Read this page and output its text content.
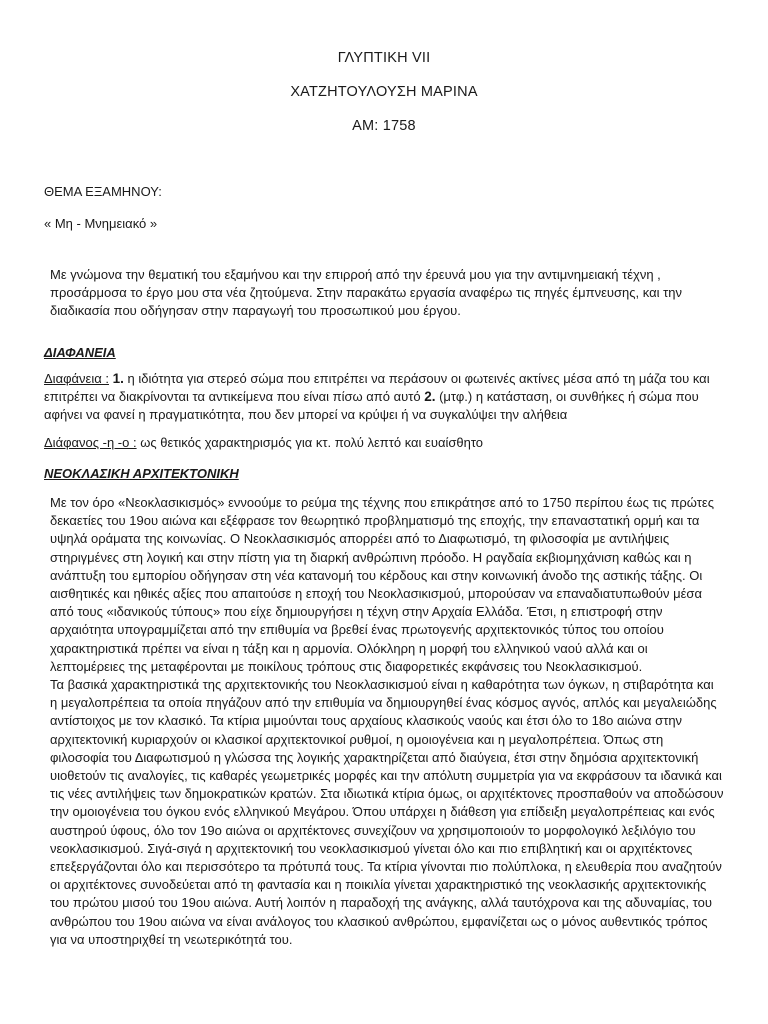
ΓΛΥΠΤΙΚΗ VII
ΧΑΤΖΗΤΟΥΛΟΥΣΗ ΜΑΡΙΝΑ
ΑΜ: 1758
ΘΕΜΑ ΕΞΑΜΗΝΟΥ:
« Μη - Μνημειακό »
Με γνώμονα την θεματική του εξαμήνου και την επιρροή από την έρευνά μου για την αντιμνημειακή τέχνη , προσάρμοσα το έργο μου στα νέα ζητούμενα. Στην παρακάτω εργασία αναφέρω τις πηγές έμπνευσης, και την διαδικασία που οδήγησαν στην παραγωγή του προσωπικού μου έργου.
ΔΙΑΦΑΝΕΙΑ
Διαφάνεια : 1. η ιδιότητα για στερεό σώμα που επιτρέπει να περάσουν οι φωτεινές ακτίνες μέσα από τη μάζα του και επιτρέπει να διακρίνονται τα αντικείμενα που είναι πίσω από αυτό 2. (μτφ.) η κατάσταση, οι συνθήκες ή σώμα που αφήνει να φανεί η πραγματικότητα, που δεν μπορεί να κρύψει ή να συγκαλύψει την αλήθεια
Διάφανος -η -ο : ως θετικός χαρακτηρισμός για κτ. πολύ λεπτό και ευαίσθητο
ΝΕΟΚΛΑΣΙΚΗ ΑΡΧΙΤΕΚΤΟΝΙΚΗ
Με τον όρο «Νεοκλασικισμός» εννοούμε το ρεύμα της τέχνης που επικράτησε από το 1750 περίπου έως τις πρώτες δεκαετίες του 19ου αιώνα και εξέφρασε τον θεωρητικό προβληματισμό της εποχής, την επαναστατική ορμή και τα υψηλά οράματα της κοινωνίας. Ο Νεοκλασικισμός απορρέει από το Διαφωτισμό, τη φιλοσοφία με αντιλήψεις στηριγμένες στη λογική και στην πίστη για τη διαρκή ανθρώπινη πρόοδο. Η ραγδαία εκβιομηχάνιση καθώς και η ανάπτυξη του εμπορίου οδήγησαν στη νέα κατανομή του κέρδους και στην κοινωνική άνοδο της αστικής τάξης. Οι αισθητικές και ηθικές αξίες που απαιτούσε η εποχή του Νεοκλασικισμού, μπορούσαν να επαναδιατυπωθούν μέσα από τους «ιδανικούς τύπους» που είχε δημιουργήσει η τέχνη στην Αρχαία Ελλάδα. Έτσι, η επιστροφή στην αρχαιότητα υπογραμμίζεται από την επιθυμία να βρεθεί ένας πρωτογενής αρχιτεκτονικός τύπος του οποίου χαρακτηριστικά πρέπει να είναι η τάξη και η αρμονία. Ολόκληρη η μορφή του ελληνικού ναού αλλά και οι λεπτομέρειες της μεταφέρονται με ποικίλους τρόπους στις διαφορετικές εκφάνσεις του Νεοκλασικισμού.
Τα βασικά χαρακτηριστικά της αρχιτεκτονικής του Νεοκλασικισμού είναι η καθαρότητα των όγκων, η στιβαρότητα και η μεγαλοπρέπεια τα οποία πηγάζουν από την επιθυμία να δημιουργηθεί ένας κόσμος αγνός, απλός και μεγαλειώδης αντίστοιχος με τον κλασικό. Τα κτίρια μιμούνται τους αρχαίους κλασικούς ναούς και έτσι όλο το 18ο αιώνα στην αρχιτεκτονική κυριαρχούν οι κλασικοί αρχιτεκτονικοί ρυθμοί, η ομοιογένεια και η μεγαλοπρέπεια. Όπως στη φιλοσοφία του Διαφωτισμού η γλώσσα της λογικής χαρακτηρίζεται από διαύγεια, έτσι στην δημόσια αρχιτεκτονική υιοθετούν τις αναλογίες, τις καθαρές γεωμετρικές μορφές και την απόλυτη συμμετρία για να εκφράσουν τα ιδανικά και τις νέες αντιλήψεις των δημοκρατικών κρατών. Στα ιδιωτικά κτίρια όμως, οι αρχιτέκτονες προσπαθούν να αποδώσουν την ομοιογένεια του όγκου ενός ελληνικού Μεγάρου. Όπου υπάρχει η διάθεση για επίδειξη μεγαλοπρέπειας και ενός αυστηρού ύφους, όλο τον 19ο αιώνα οι αρχιτέκτονες συνεχίζουν να χρησιμοποιούν το μορφολογικό λεξιλόγιο του νεοκλασικισμού. Σιγά-σιγά η αρχιτεκτονική του νεοκλασικισμού γίνεται όλο και πιο επιβλητική και οι αρχιτέκτονες επεξεργάζονται όλο και περισσότερο τα πρότυπά τους. Τα κτίρια γίνονται πιο πολύπλοκα, η ελευθερία που αναζητούν οι αρχιτέκτονες συνοδεύεται από τη φαντασία και η ποικιλία γίνεται χαρακτηριστικό της νεοκλασικής αρχιτεκτονικής του πρώτου μισού του 19ου αιώνα. Αυτή λοιπόν η παραδοχή της ανάγκης, αλλά ταυτόχρονα και της αδυναμίας, του ανθρώπου του 19ου αιώνα να είναι ανάλογος του κλασικού ανθρώπου, εμφανίζεται ως ο μόνος αυθεντικός τρόπος για να υποστηριχθεί τη νεωτερικότητά του.
